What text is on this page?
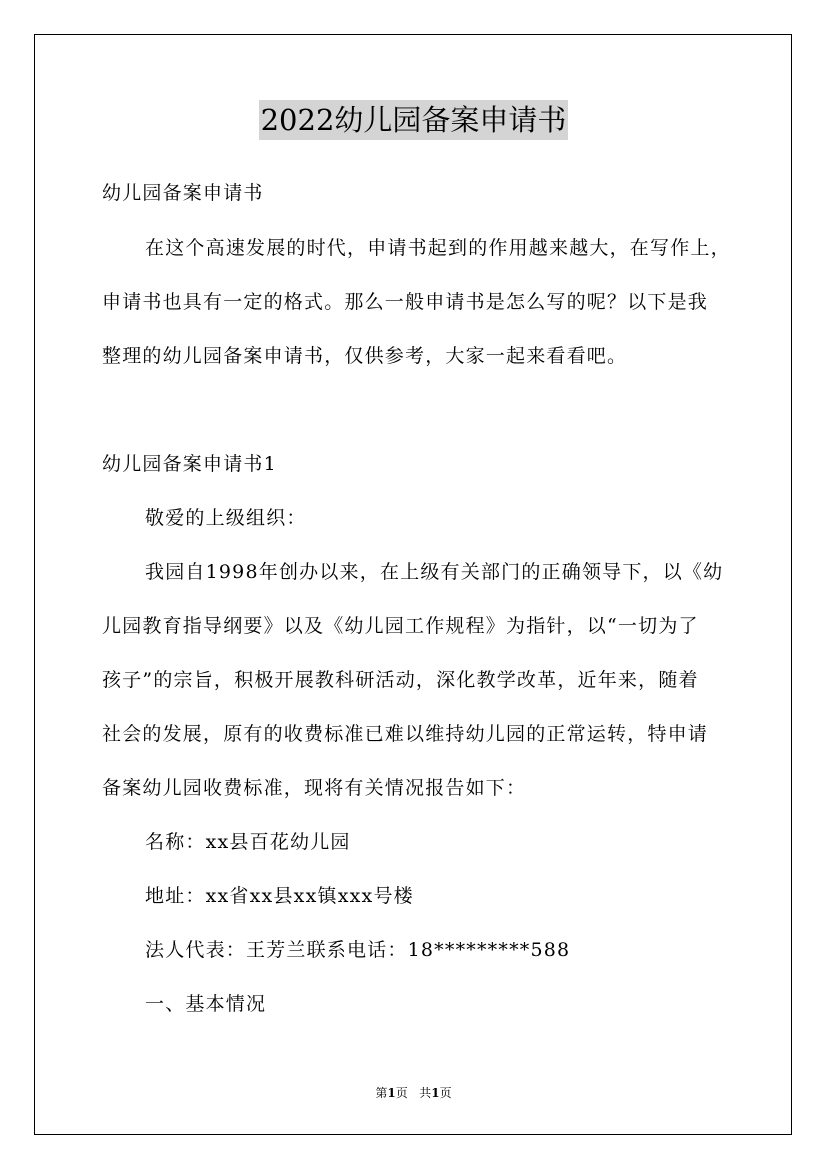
2022幼儿园备案申请书
幼儿园备案申请书
在这个高速发展的时代，申请书起到的作用越来越大，在写作上，
申请书也具有一定的格式。那么一般申请书是怎么写的呢？以下是我
整理的幼儿园备案申请书，仅供参考，大家一起来看看吧。
幼儿园备案申请书1
敬爱的上级组织：
我园自1998年创办以来，在上级有关部门的正确领导下，以《幼
儿园教育指导纲要》以及《幼儿园工作规程》为指针，以“一切为了
孩子”的宗旨，积极开展教科研活动，深化教学改革，近年来，随着
社会的发展，原有的收费标准已难以维持幼儿园的正常运转，特申请
备案幼儿园收费标准，现将有关情况报告如下：
名称：xx县百花幼儿园
地址：xx省xx县xx镇xxx号楼
法人代表：王芳兰联系电话：18*********588
一、基本情况
第1页 共1页
